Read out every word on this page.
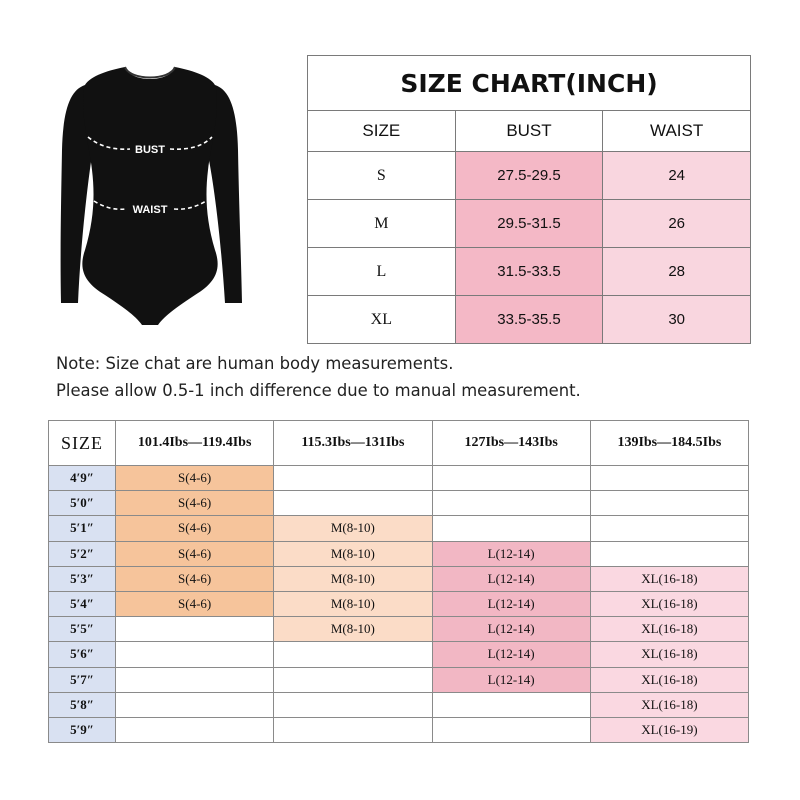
BUST
WAIST
SIZE CHART(INCH)		
SIZE	BUST	WAIST
S	27.5-29.5	24
M	29.5-31.5	26
L	31.5-33.5	28
XL	33.5-35.5	30
Note: Size chat are human body measurements.
Please allow 0.5-1 inch difference due to manual measurement.
SIZE	101.4Ibs—119.4Ibs	115.3Ibs—131Ibs	127Ibs—143Ibs	139Ibs—184.5Ibs
4′9″	S(4-6)			
5′0″	S(4-6)			
5′1″	S(4-6)	M(8-10)		
5′2″	S(4-6)	M(8-10)	L(12-14)	
5′3″	S(4-6)	M(8-10)	L(12-14)	XL(16-18)
5′4″	S(4-6)	M(8-10)	L(12-14)	XL(16-18)
5′5″		M(8-10)	L(12-14)	XL(16-18)
5′6″			L(12-14)	XL(16-18)
5′7″			L(12-14)	XL(16-18)
5′8″				XL(16-18)
5′9″				XL(16-19)
